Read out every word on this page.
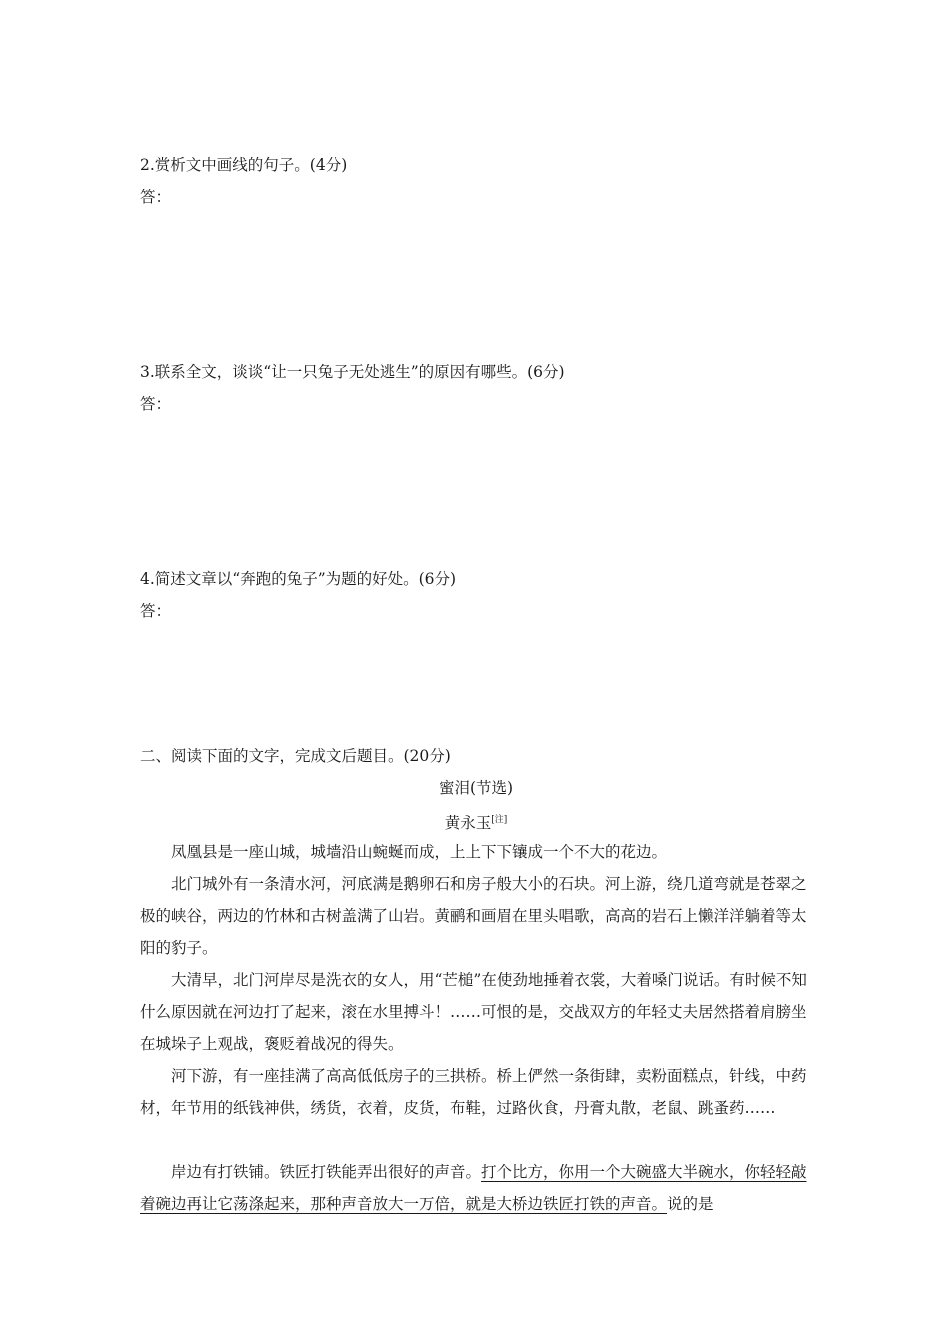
2.赏析文中画线的句子。(4分)
答：
3.联系全文，谈谈“让一只兔子无处逃生”的原因有哪些。(6分)
答：
4.简述文章以“奔跑的兔子”为题的好处。(6分)
答：
二、阅读下面的文字，完成文后题目。(20分)
蜜泪(节选)
黄永玉[注]
凤凰县是一座山城，城墙沿山蜿蜒而成，上上下下镶成一个不大的花边。
北门城外有一条清水河，河底满是鹅卵石和房子般大小的石块。河上游，绕几道弯就是苍翠之极的峡谷，两边的竹林和古树盖满了山岩。黄鹂和画眉在里头唱歌，高高的岩石上懒洋洋躺着等太阳的豹子。
大清早，北门河岸尽是洗衣的女人，用“芒槌”在使劲地捶着衣裳，大着嗓门说话。有时候不知什么原因就在河边打了起来，滚在水里搏斗！……可恨的是，交战双方的年轻丈夫居然搭着肩膀坐在城垛子上观战，褒贬着战况的得失。
河下游，有一座挂满了高高低低房子的三拱桥。桥上俨然一条街肆，卖粉面糕点，针线，中药材，年节用的纸钱神供，绣货，衣着，皮货，布鞋，过路伙食，丹膏丸散，老鼠、跳蚤药……
岸边有打铁铺。铁匠打铁能弄出很好的声音。打个比方，你用一个大碗盛大半碗水，你轻轻敲着碗边再让它荡涤起来，那种声音放大一万倍，就是大桥边铁匠打铁的声音。说的是
